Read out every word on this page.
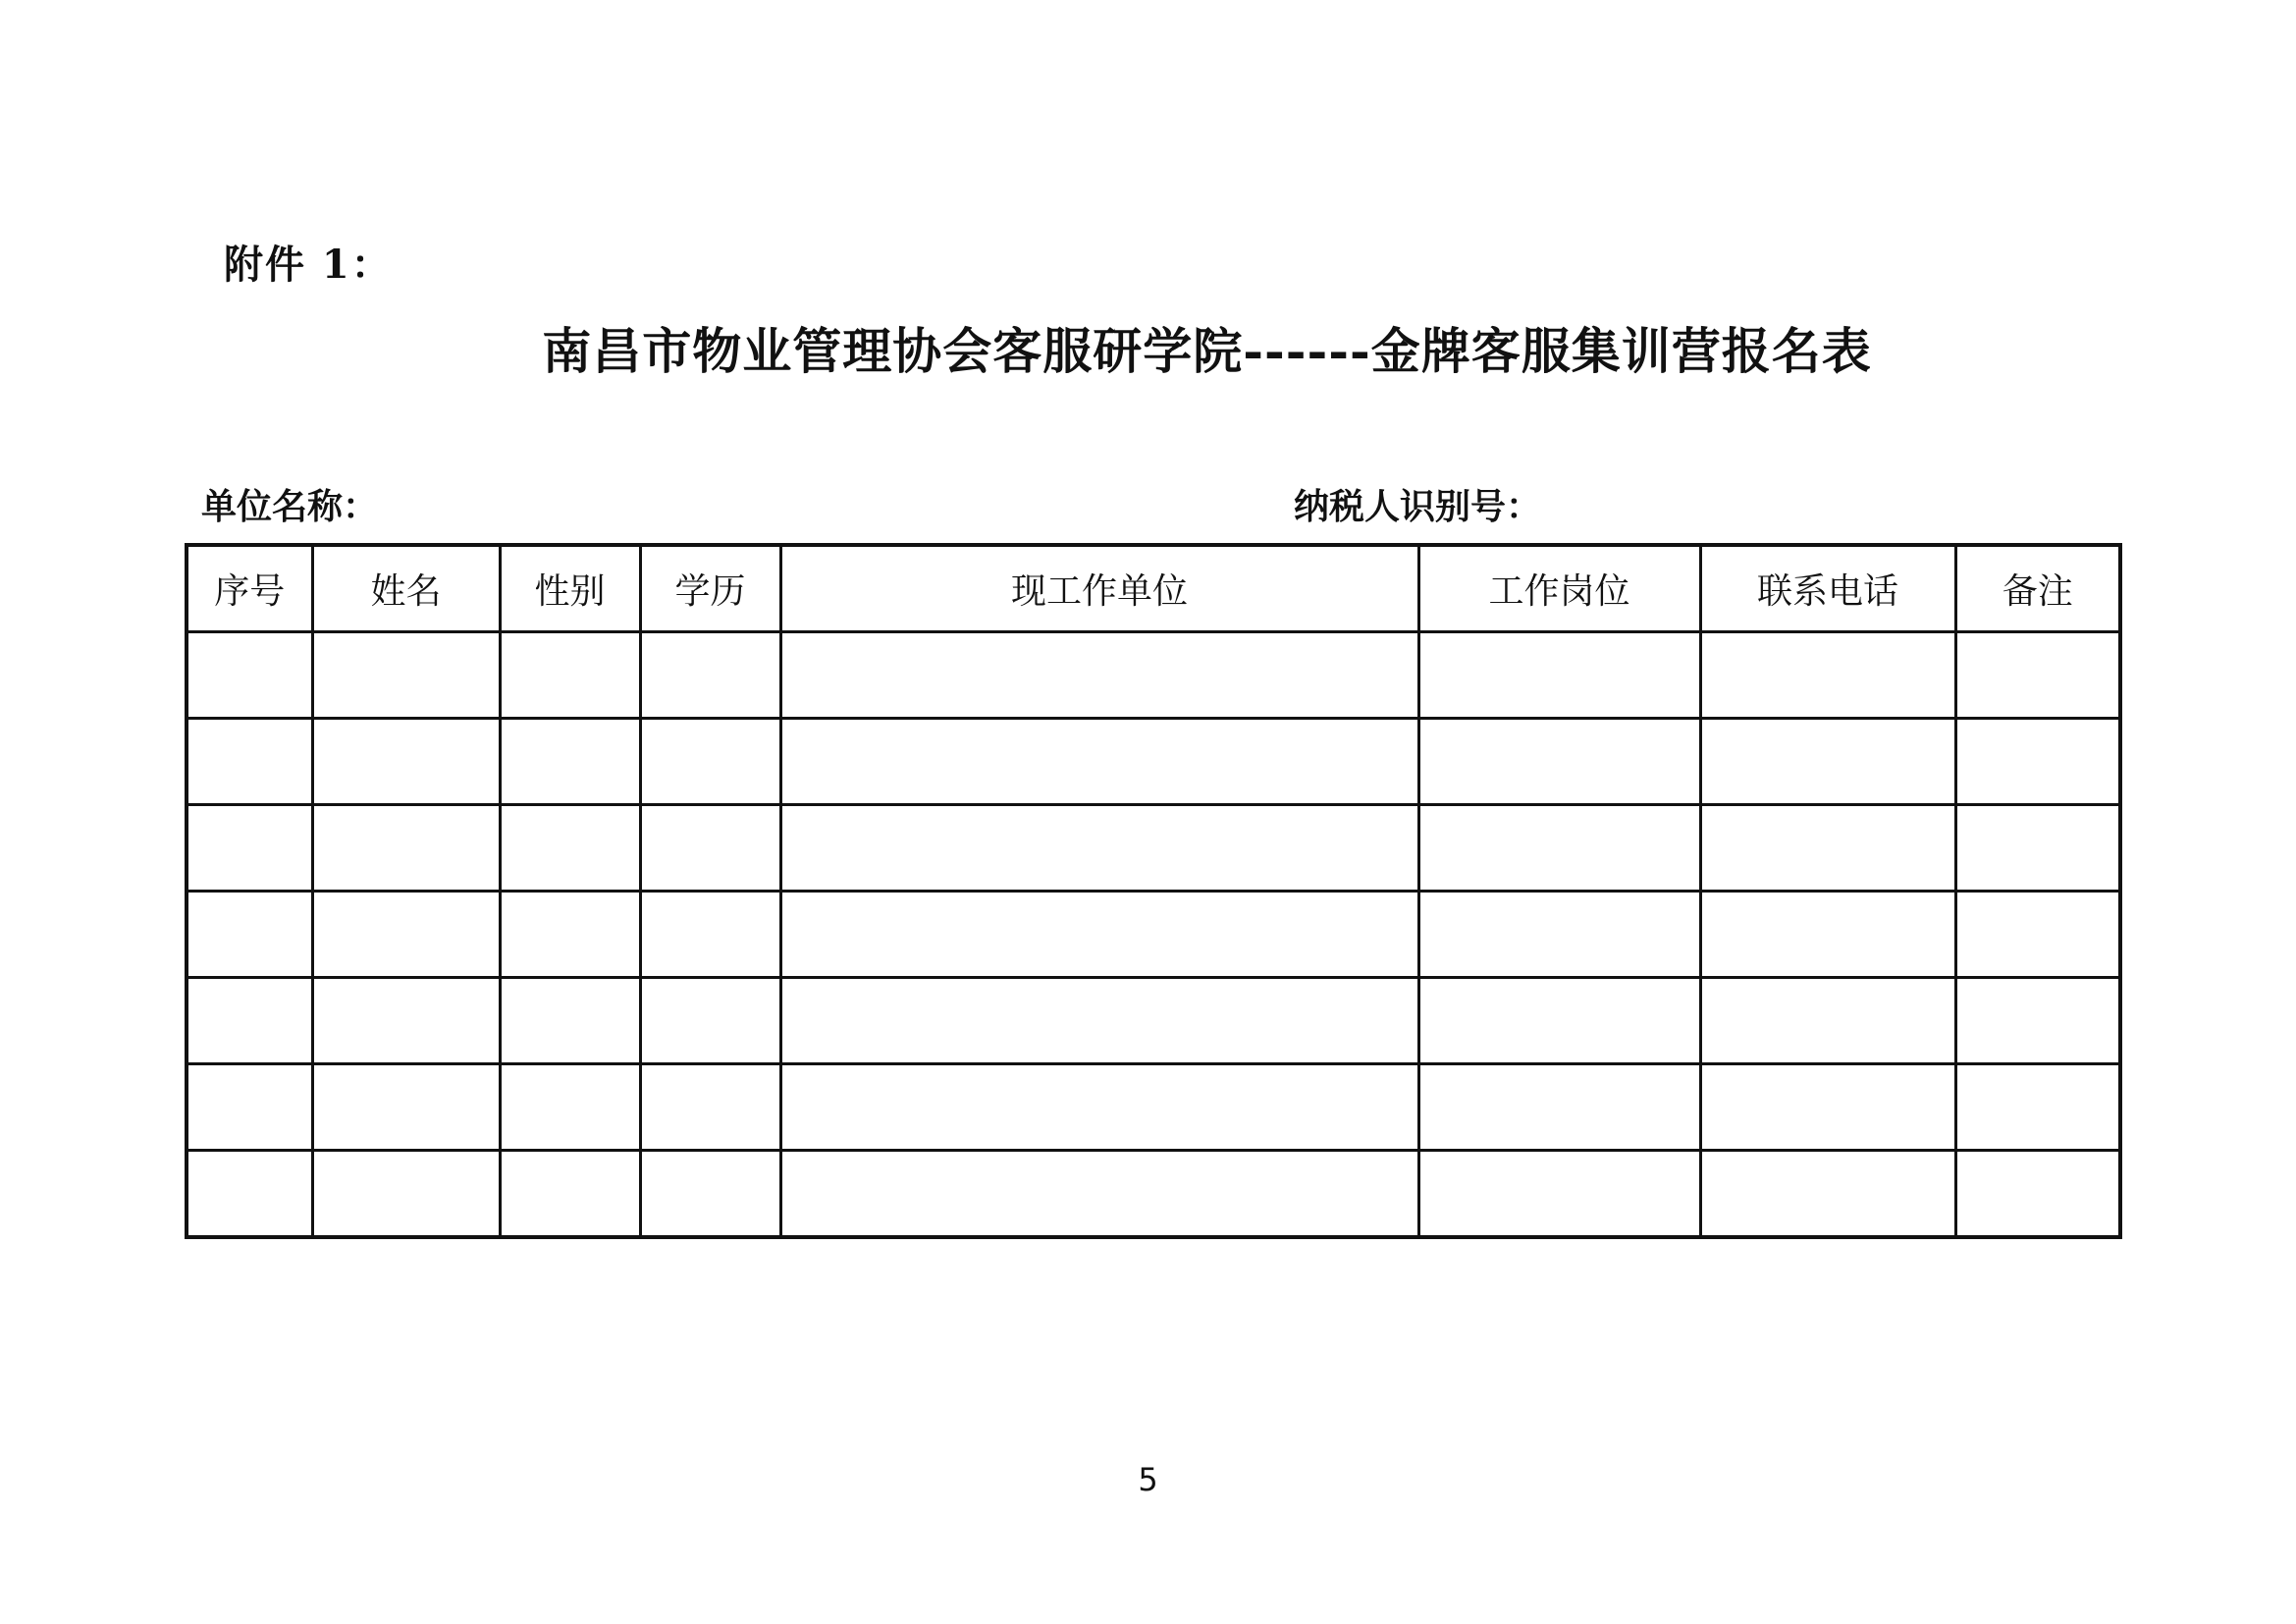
附件 1：
南昌市物业管理协会客服研学院------金牌客服集训营报名表
单位名称：	纳税人识别号：
序号	姓名	性别	学历	现工作单位	工作岗位	联系电话	备注

5
